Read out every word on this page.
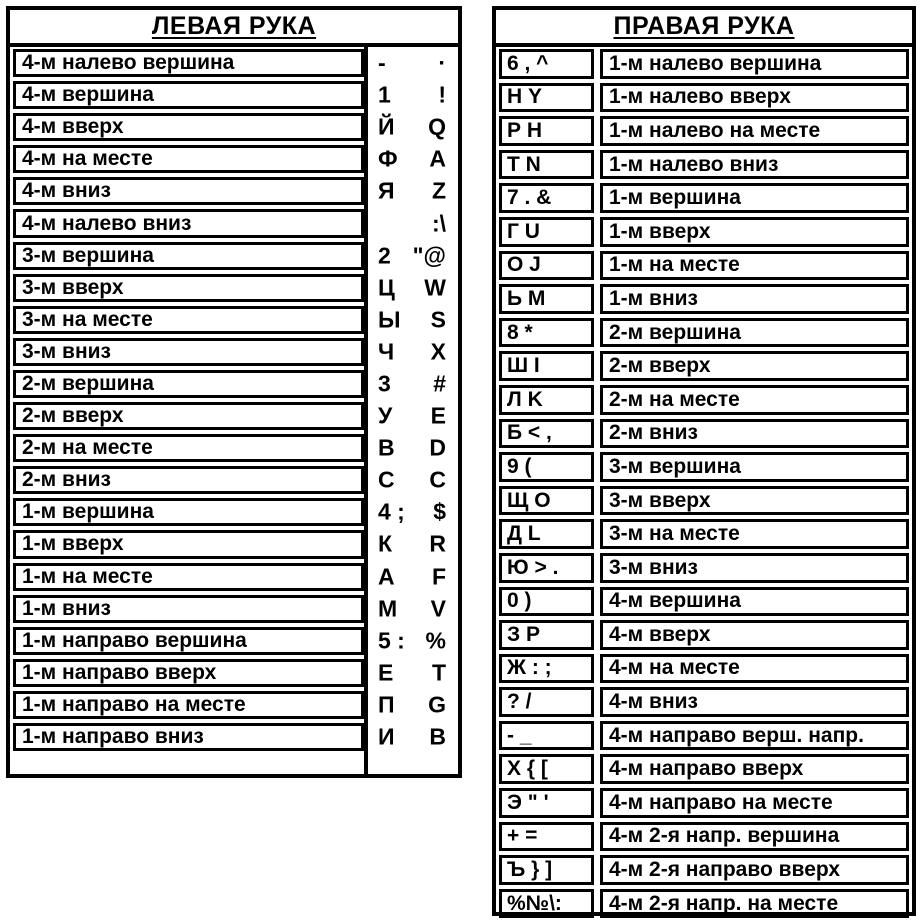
ЛЕВАЯ РУКА
4-м налево вершина	- ·
4-м вершина	1 !
4-м вверх	Й Q
4-м на месте	Ф A
4-м вниз	Я Z
4-м налево вниз	:\
3-м вершина	2 "@
3-м вверх	Ц W
3-м на месте	Ы S
3-м вниз	Ч X
2-м вершина	3 #
2-м вверх	У E
2-м на месте	В D
2-м вниз	С C
1-м вершина	4 ; $
1-м вверх	К R
1-м на месте	А F
1-м вниз	М V
1-м направо вершина	5 : %
1-м направо вверх	Е T
1-м направо на месте	П G
1-м направо вниз	И B
ПРАВАЯ РУКА
6 , ^	1-м налево вершина
Н Y	1-м налево вверх
Р Н	1-м налево на месте
Т N	1-м налево вниз
7 . &	1-м вершина
Г U	1-м вверх
О J	1-м на месте
Ь М	1-м вниз
8 *	2-м вершина
Ш I	2-м вверх
Л K	2-м на месте
Б < ,	2-м вниз
9 (	3-м вершина
Щ О	3-м вверх
Д L	3-м на месте
Ю > .	3-м вниз
0 )	4-м вершина
З Р	4-м вверх
Ж : ;	4-м на месте
? /	4-м вниз
- _	4-м направо верш. напр.
Х { [	4-м направо вверх
Э " '	4-м направо на месте
+ =	4-м 2-я напр. вершина
Ъ } ]	4-м 2-я направо вверх
%№\:	4-м 2-я напр. на месте
